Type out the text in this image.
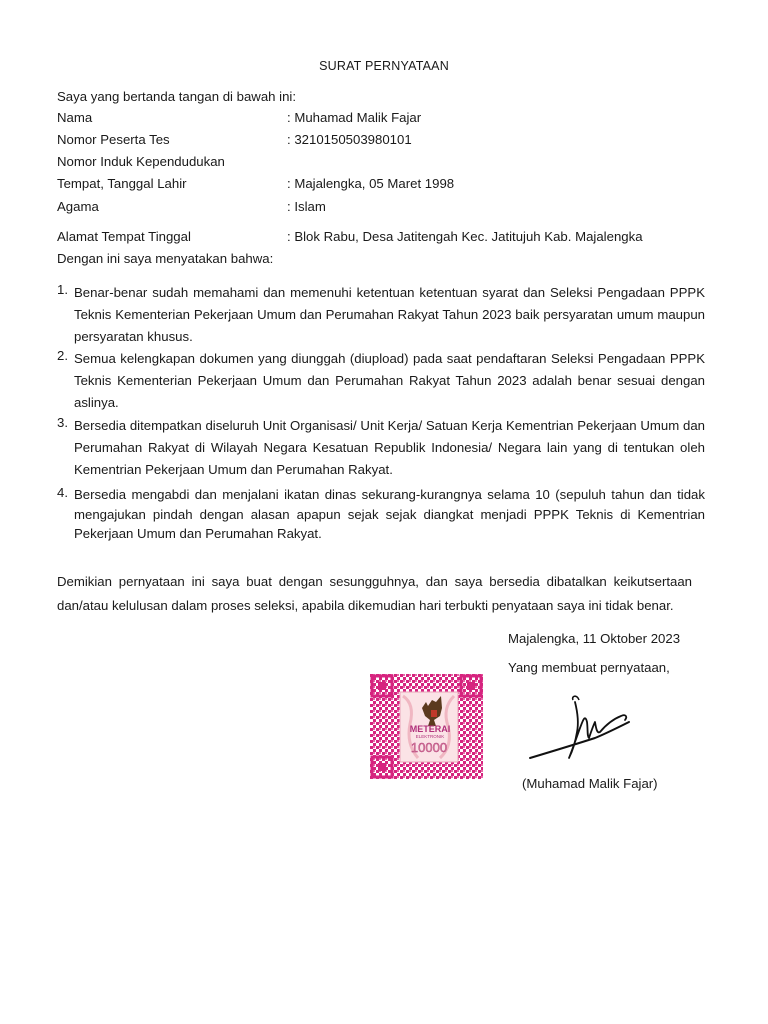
SURAT PERNYATAAN
Saya yang bertanda tangan di bawah ini:
Nama	: Muhamad Malik Fajar
Nomor Peserta Tes	: 3210150503980101
Nomor Induk Kependudukan
Tempat, Tanggal Lahir	: Majalengka, 05 Maret 1998
Agama	: Islam
Alamat Tempat Tinggal	: Blok Rabu, Desa Jatitengah Kec. Jatitujuh Kab. Majalengka
Dengan ini saya menyatakan bahwa:
1. Benar-benar sudah memahami dan memenuhi ketentuan ketentuan syarat dan Seleksi Pengadaan PPPK Teknis Kementerian Pekerjaan Umum dan Perumahan Rakyat Tahun 2023 baik persyaratan umum maupun persyaratan khusus.
2. Semua kelengkapan dokumen yang diunggah (diupload) pada saat pendaftaran Seleksi Pengadaan PPPK Teknis Kementerian Pekerjaan Umum dan Perumahan Rakyat Tahun 2023 adalah benar sesuai dengan aslinya.
3. Bersedia ditempatkan diseluruh Unit Organisasi/ Unit Kerja/ Satuan Kerja Kementrian Pekerjaan Umum dan Perumahan Rakyat di Wilayah Negara Kesatuan Republik Indonesia/ Negara lain yang di tentukan oleh Kementrian Pekerjaan Umum dan Perumahan Rakyat.
4. Bersedia mengabdi dan menjalani ikatan dinas sekurang-kurangnya selama 10 (sepuluh tahun dan tidak mengajukan pindah dengan alasan apapun sejak sejak diangkat menjadi PPPK Teknis di Kementrian Pekerjaan Umum dan Perumahan Rakyat.
Demikian pernyataan ini saya buat dengan sesungguhnya, dan saya bersedia dibatalkan keikutsertaan dan/atau kelulusan dalam proses seleksi, apabila dikemudian hari terbukti penyataan saya ini tidak benar.
Majalengka, 11 Oktober 2023
Yang membuat pernyataan,
METERAI
ELEKTRONIK
10000
(Muhamad Malik Fajar)
